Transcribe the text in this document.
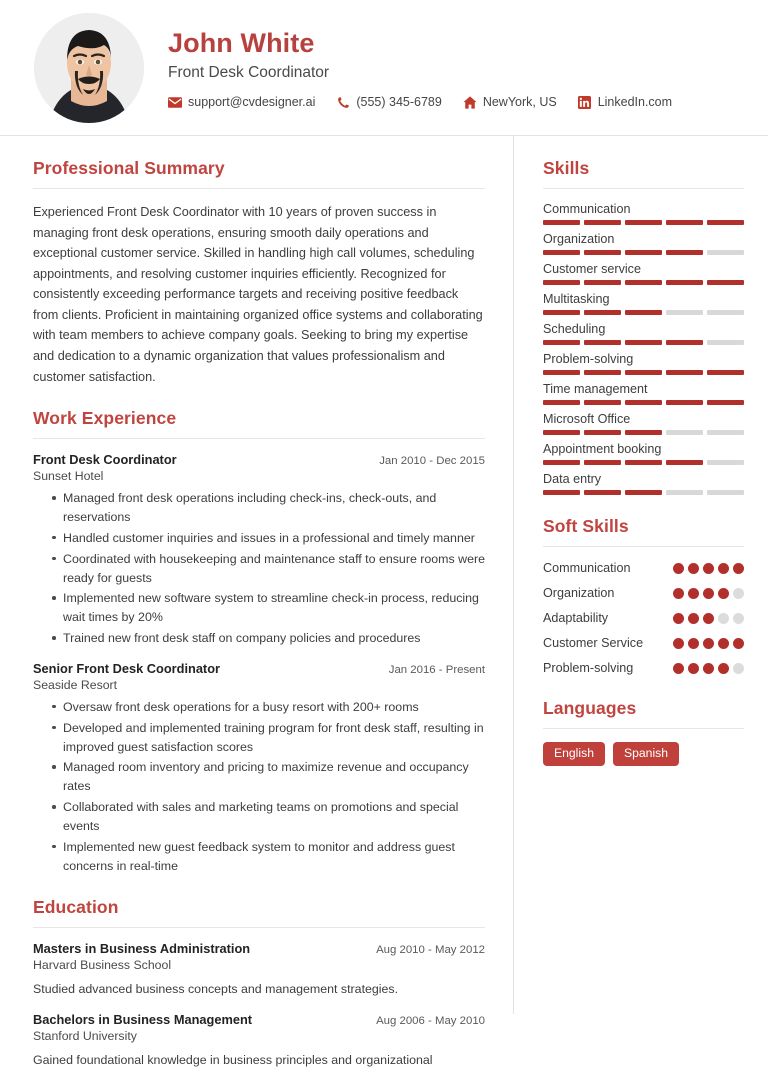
John White
Front Desk Coordinator
support@cvdesigner.ai	(555) 345-6789	NewYork, US	LinkedIn.com
Professional Summary
Experienced Front Desk Coordinator with 10 years of proven success in managing front desk operations, ensuring smooth daily operations and exceptional customer service. Skilled in handling high call volumes, scheduling appointments, and resolving customer inquiries efficiently. Recognized for consistently exceeding performance targets and receiving positive feedback from clients. Proficient in maintaining organized office systems and collaborating with team members to achieve company goals. Seeking to bring my expertise and dedication to a dynamic organization that values professionalism and customer satisfaction.
Work Experience
Front Desk Coordinator	Jan 2010 - Dec 2015
Sunset Hotel
Managed front desk operations including check-ins, check-outs, and reservations
Handled customer inquiries and issues in a professional and timely manner
Coordinated with housekeeping and maintenance staff to ensure rooms were ready for guests
Implemented new software system to streamline check-in process, reducing wait times by 20%
Trained new front desk staff on company policies and procedures
Senior Front Desk Coordinator	Jan 2016 - Present
Seaside Resort
Oversaw front desk operations for a busy resort with 200+ rooms
Developed and implemented training program for front desk staff, resulting in improved guest satisfaction scores
Managed room inventory and pricing to maximize revenue and occupancy rates
Collaborated with sales and marketing teams on promotions and special events
Implemented new guest feedback system to monitor and address guest concerns in real-time
Education
Masters in Business Administration	Aug 2010 - May 2012
Harvard Business School
Studied advanced business concepts and management strategies.
Bachelors in Business Management	Aug 2006 - May 2010
Stanford University
Gained foundational knowledge in business principles and organizational
Skills
Communication
Organization
Customer service
Multitasking
Scheduling
Problem-solving
Time management
Microsoft Office
Appointment booking
Data entry
Soft Skills
Communication
Organization
Adaptability
Customer Service
Problem-solving
Languages
English	Spanish
